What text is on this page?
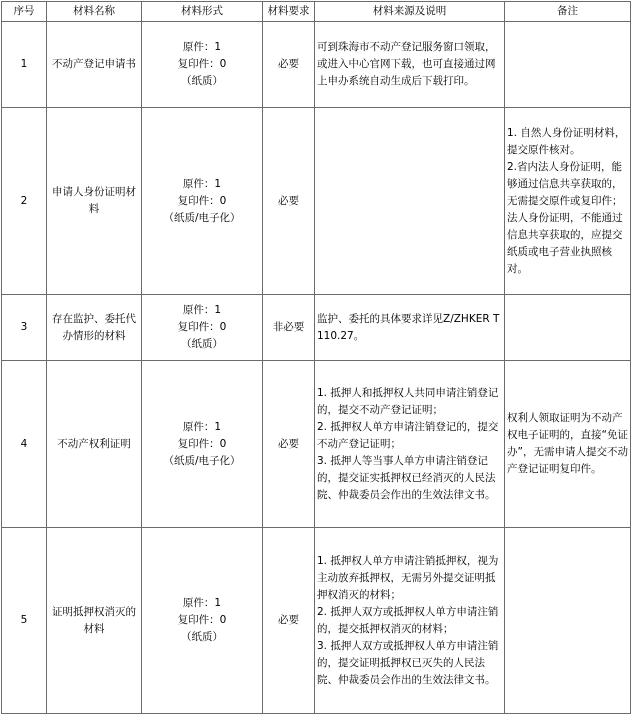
序号	材料名称	材料形式	材料要求	材料来源及说明	备注
1	不动产登记申请书	原件：1
复印件：0
（纸质）	必要	可到珠海市不动产登记服务窗口领取，或进入中心官网下载，也可直接通过网上申办系统自动生成后下载打印。	

2	申请人身份证明材料	原件：1
复印件：0
（纸质/电子化）	必要		1. 自然人身份证明材料，提交原件核对。
2.省内法人身份证明，能够通过信息共享获取的，无需提交原件或复印件；法人身份证明，不能通过信息共享获取的，应提交纸质或电子营业执照核对。

3	存在监护、委托代办情形的材料	原件：1
复印件：0
（纸质）	非必要	监护、委托的具体要求详见Z/ZHKER T110.27。	

4	不动产权利证明	原件：1
复印件：0
（纸质/电子化）	必要	1. 抵押人和抵押权人共同申请注销登记的，提交不动产登记证明；
2. 抵押权人单方申请注销登记的，提交不动产登记证明；
3. 抵押人等当事人单方申请注销登记的，提交证实抵押权已经消灭的人民法院、仲裁委员会作出的生效法律文书。	权利人领取证明为不动产权电子证明的，直接“免证办”，无需申请人提交不动产登记证明复印件。

5	证明抵押权消灭的材料	原件：1
复印件：0
（纸质）	必要	1. 抵押权人单方申请注销抵押权，视为主动放弃抵押权，无需另外提交证明抵押权消灭的材料；
2. 抵押人双方或抵押权人单方申请注销的，提交抵押权消灭的材料；
3. 抵押人双方或抵押权人单方申请注销的，提交证明抵押权已灭失的人民法院、仲裁委员会作出的生效法律文书。	
